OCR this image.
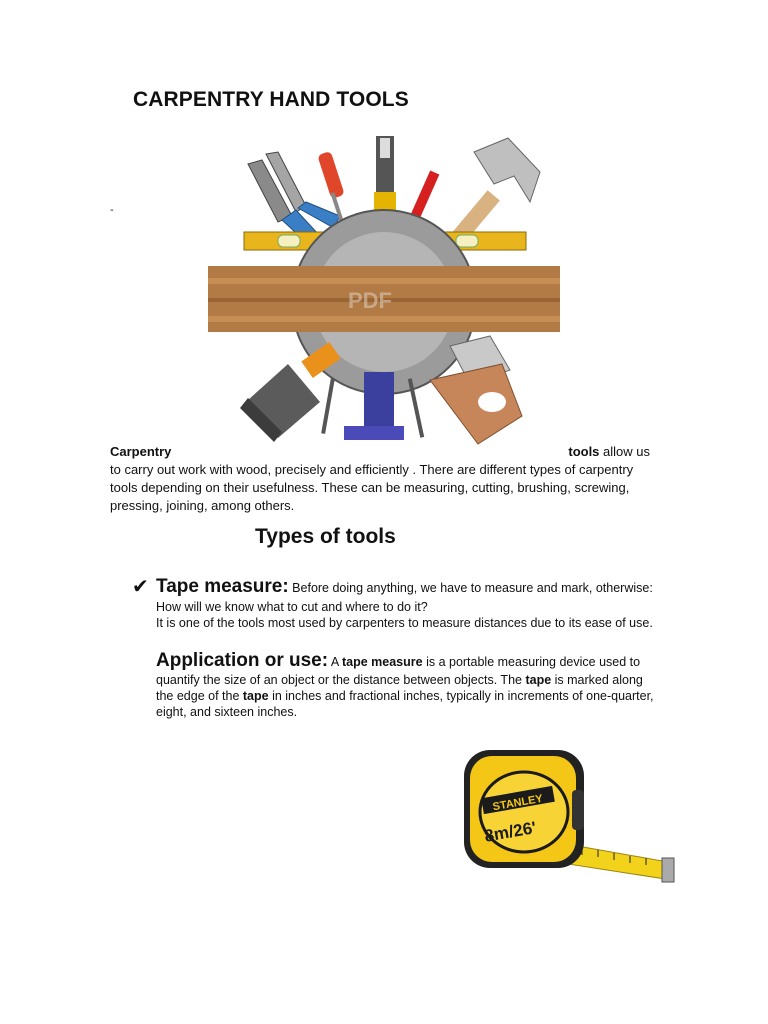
CARPENTRY HAND TOOLS
-
PDF
Carpentry	tools allow us
to carry out work with wood, precisely and efficiently . There are different types of carpentry tools depending on their usefulness. These can be measuring, cutting, brushing, screwing, pressing, joining, among others.
Types of tools
✔ Tape measure: Before doing anything, we have to measure and mark, otherwise: How will we know what to cut and where to do it?
It is one of the tools most used by carpenters to measure distances due to its ease of use.
Application or use: A tape measure is a portable measuring device used to quantify the size of an object or the distance between objects. The tape is marked along the edge of the tape in inches and fractional inches, typically in increments of one-quarter, eight, and sixteen inches.
STANLEY
8m/26'
